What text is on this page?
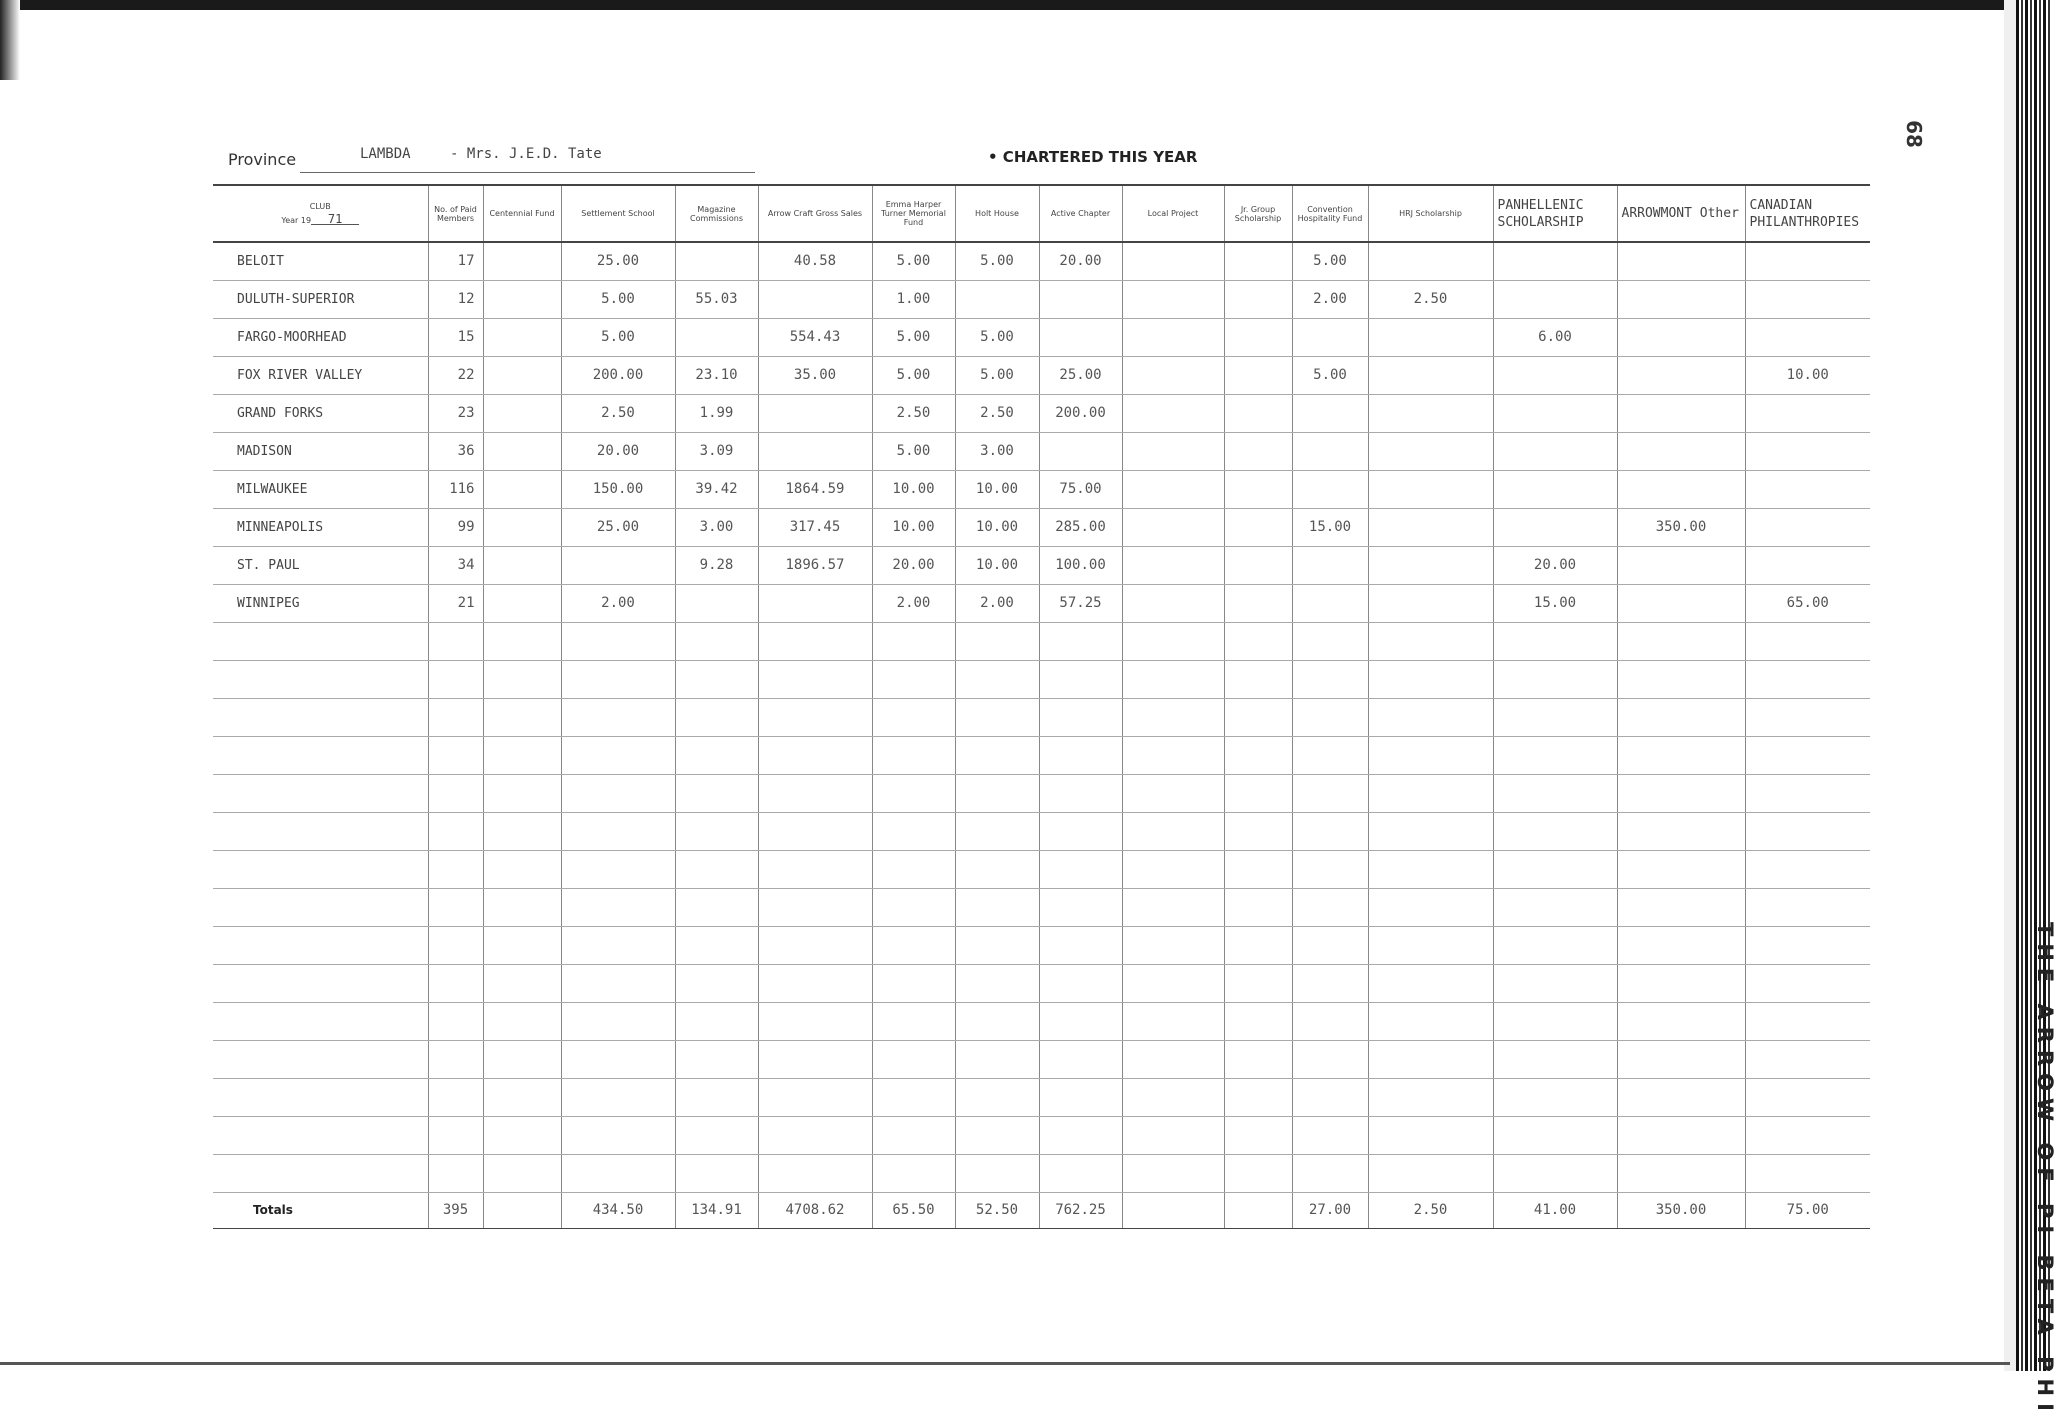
68
THE ARROW OF PI BETA PHI
Province	LAMBDA	- Mrs. J.E.D. Tate	• CHARTERED THIS YEAR
CLUB
Year 19 71	No. of Paid Members	Centennial Fund	Settlement School	Magazine Commissions	Arrow Craft Gross Sales	Emma Harper Turner Memorial Fund	Holt House	Active Chapter	Local Project	Jr. Group Scholarship	Convention Hospitality Fund	HRJ Scholarship	PANHELLENIC SCHOLARSHIP	ARROWMONT Other	CANADIAN PHILANTHROPIES
BELOIT	17		25.00		40.58	5.00	5.00	20.00			5.00				
DULUTH-SUPERIOR	12		5.00	55.03		1.00					2.00	2.50			
FARGO-MOORHEAD	15		5.00		554.43	5.00	5.00						6.00		
FOX RIVER VALLEY	22		200.00	23.10	35.00	5.00	5.00	25.00			5.00				10.00
GRAND FORKS	23		2.50	1.99		2.50	2.50	200.00							
MADISON	36		20.00	3.09		5.00	3.00								
MILWAUKEE	116		150.00	39.42	1864.59	10.00	10.00	75.00							
MINNEAPOLIS	99		25.00	3.00	317.45	10.00	10.00	285.00			15.00			350.00	
ST. PAUL	34			9.28	1896.57	20.00	10.00	100.00					20.00		
WINNIPEG	21		2.00			2.00	2.00	57.25					15.00		65.00

Totals	395		434.50	134.91	4708.62	65.50	52.50	762.25			27.00	2.50	41.00	350.00	75.00
